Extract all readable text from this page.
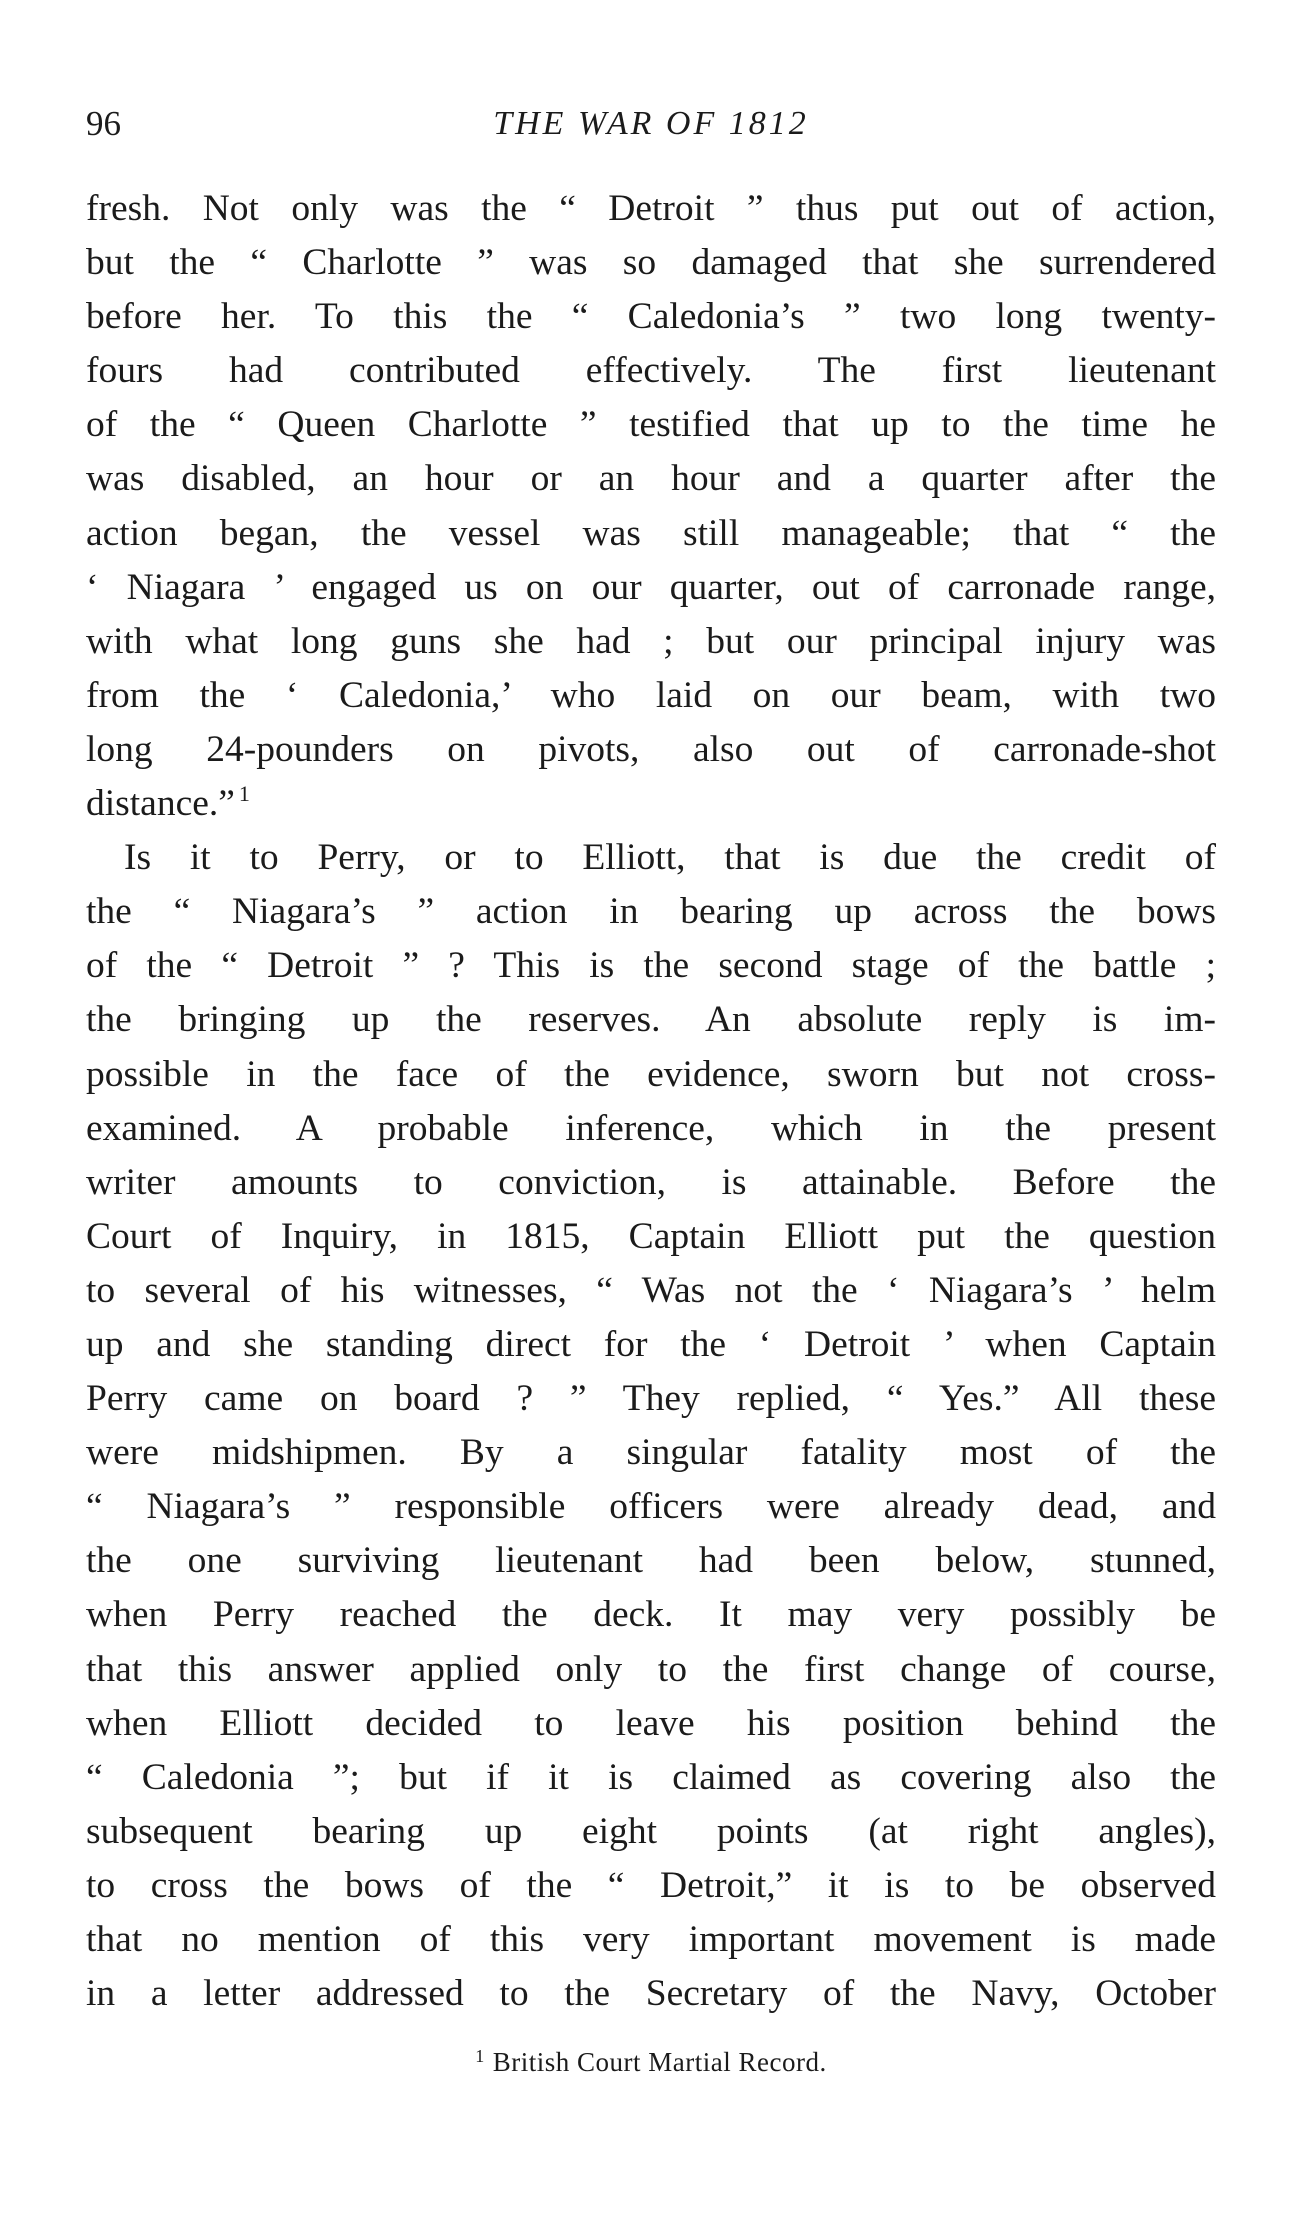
96	THE WAR OF 1812
fresh. Not only was the “ Detroit ” thus put out of action,
but the “ Charlotte ” was so damaged that she surrendered
before her. To this the “ Caledonia’s ” two long twenty-
fours had contributed effectively. The first lieutenant
of the “ Queen Charlotte ” testified that up to the time he
was disabled, an hour or an hour and a quarter after the
action began, the vessel was still manageable; that “ the
‘ Niagara ’ engaged us on our quarter, out of carronade range,
with what long guns she had ; but our principal injury was
from the ‘ Caledonia,’ who laid on our beam, with two
long 24-pounders on pivots, also out of carronade-shot
distance.” $^1$
Is it to Perry, or to Elliott, that is due the credit of
the “ Niagara’s ” action in bearing up across the bows
of the “ Detroit ” ? This is the second stage of the battle ;
the bringing up the reserves. An absolute reply is im-
possible in the face of the evidence, sworn but not cross-
examined. A probable inference, which in the present
writer amounts to conviction, is attainable. Before the
Court of Inquiry, in 1815, Captain Elliott put the question
to several of his witnesses, “ Was not the ‘ Niagara’s ’ helm
up and she standing direct for the ‘ Detroit ’ when Captain
Perry came on board ? ” They replied, “ Yes.” All these
were midshipmen. By a singular fatality most of the
“ Niagara’s ” responsible officers were already dead, and
the one surviving lieutenant had been below, stunned,
when Perry reached the deck. It may very possibly be
that this answer applied only to the first change of course,
when Elliott decided to leave his position behind the
“ Caledonia ”; but if it is claimed as covering also the
subsequent bearing up eight points (at right angles),
to cross the bows of the “ Detroit,” it is to be observed
that no mention of this very important movement is made
in a letter addressed to the Secretary of the Navy, October
$^1$ British Court Martial Record.
